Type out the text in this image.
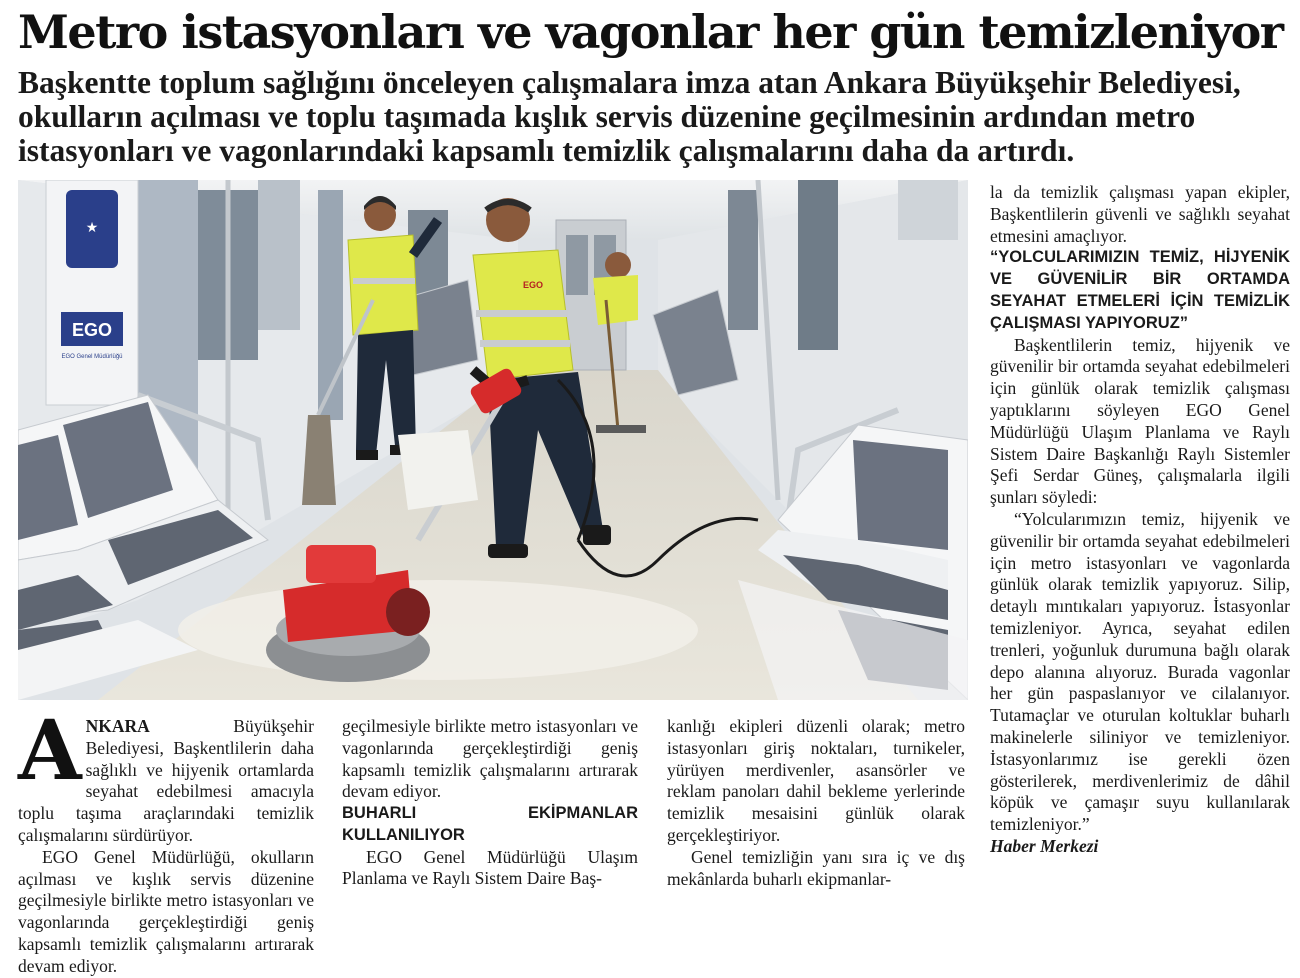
Metro istasyonları ve vagonlar her gün temizleniyor
Başkentte toplum sağlığını önceleyen çalışmalara imza atan Ankara Büyükşehir Belediyesi, okulların açılması ve toplu taşımada kışlık servis düzenine geçilmesinin ardından metro istasyonları ve vagonlarındaki kapsamlı temizlik çalışmalarını daha da artırdı.
★
EGO
EGO Genel Müdürlüğü
EGO

ANKARA	Büyükşehir Belediyesi, Başkentlilerin daha sağlıklı ve hijyenik ortamlarda seyahat edebilmesi amacıyla toplu taşıma araçlarındaki temizlik çalışmalarını sürdürüyor.

EGO Genel Müdürlüğü, okulların açılması ve kışlık servis düzenine geçilmesiyle birlikte metro istasyonları ve vagonlarında gerçekleştirdiği geniş kapsamlı temizlik çalışmalarını artırarak devam ediyor.

geçilmesiyle birlikte metro istasyonları ve vagonlarında gerçekleştirdiği geniş kapsamlı temizlik çalışmalarını artırarak devam ediyor.

BUHARLI EKİPMANLAR KULLANILIYOR

EGO Genel Müdürlüğü Ulaşım Planlama ve Raylı Sistem Daire Baş-

kanlığı ekipleri düzenli olarak; metro istasyonları giriş noktaları, turnikeler, yürüyen merdivenler, asansörler ve reklam panoları dahil bekleme yerlerinde temizlik mesaisini günlük olarak gerçekleştiriyor.

Genel temizliğin yanı sıra iç ve dış mekânlarda buharlı ekipmanlar-

la da temizlik çalışması yapan ekipler, Başkentlilerin güvenli ve sağlıklı seyahat etmesini amaçlıyor.

“YOLCULARIMIZIN TEMİZ, HİJYENİK VE GÜVENİLİR BİR ORTAMDA SEYAHAT ETMELERİ İÇİN TEMİZLİK ÇALIŞMASI YAPIYORUZ”

Başkentlilerin temiz, hijyenik ve güvenilir bir ortamda seyahat edebilmeleri için günlük olarak temizlik çalışması yaptıklarını söyleyen EGO Genel Müdürlüğü Ulaşım Planlama ve Raylı Sistem Daire Başkanlığı Raylı Sistemler Şefi Serdar Güneş, çalışmalarla ilgili şunları söyledi:

“Yolcularımızın temiz, hijyenik ve güvenilir bir ortamda seyahat edebilmeleri için metro istasyonları ve vagonlarda günlük olarak temizlik yapıyoruz. Silip, detaylı mıntıkaları yapıyoruz. İstasyonlar temizleniyor. Ayrıca, seyahat edilen trenleri, yoğunluk durumuna bağlı olarak depo alanına alıyoruz. Burada vagonlar her gün paspaslanıyor ve cilalanıyor. Tutamaçlar ve oturulan koltuklar buharlı makinelerle siliniyor ve temizleniyor. İstasyonlarımız ise gerekli özen gösterilerek, merdivenlerimiz de dâhil köpük ve çamaşır suyu kullanılarak temizleniyor.”

Haber Merkezi
